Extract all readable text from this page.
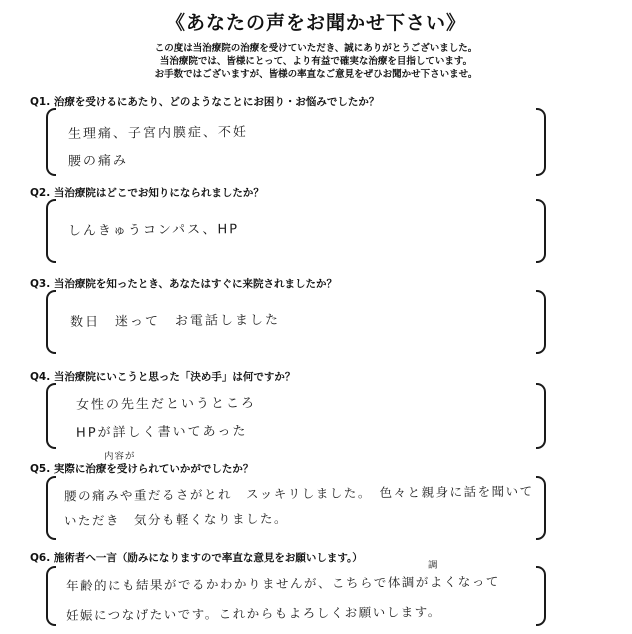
《あなたの声をお聞かせ下さい》
この度は当治療院の治療を受けていただき、誠にありがとうございました。
当治療院では、皆様にとって、より有益で確実な治療を目指しています。
お手数ではございますが、皆様の率直なご意見をぜひお聞かせ下さいませ。
Q1. 治療を受けるにあたり、どのようなことにお困り・お悩みでしたか？
生理痛、子宮内膜症、不妊
腰の痛み
Q2. 当治療院はどこでお知りになられましたか？
しんきゅうコンパス、HP
Q3. 当治療院を知ったとき、あなたはすぐに来院されましたか？
数日　迷って　お電話しました
Q4. 当治療院にいこうと思った「決め手」は何ですか？
女性の先生だというところ
HPが詳しく書いてあった
内容が
Q5. 実際に治療を受けられていかがでしたか？
腰の痛みや重だるさがとれ　スッキリしました。　色々と親身に話を聞いて
いただき　気分も軽くなりました。
Q6. 施術者へ一言（励みになりますので率直な意見をお願いします。）
年齢的にも結果がでるかわかりませんが、こちらで体調がよくなって
妊娠につなげたいです。これからもよろしくお願いします。
調
